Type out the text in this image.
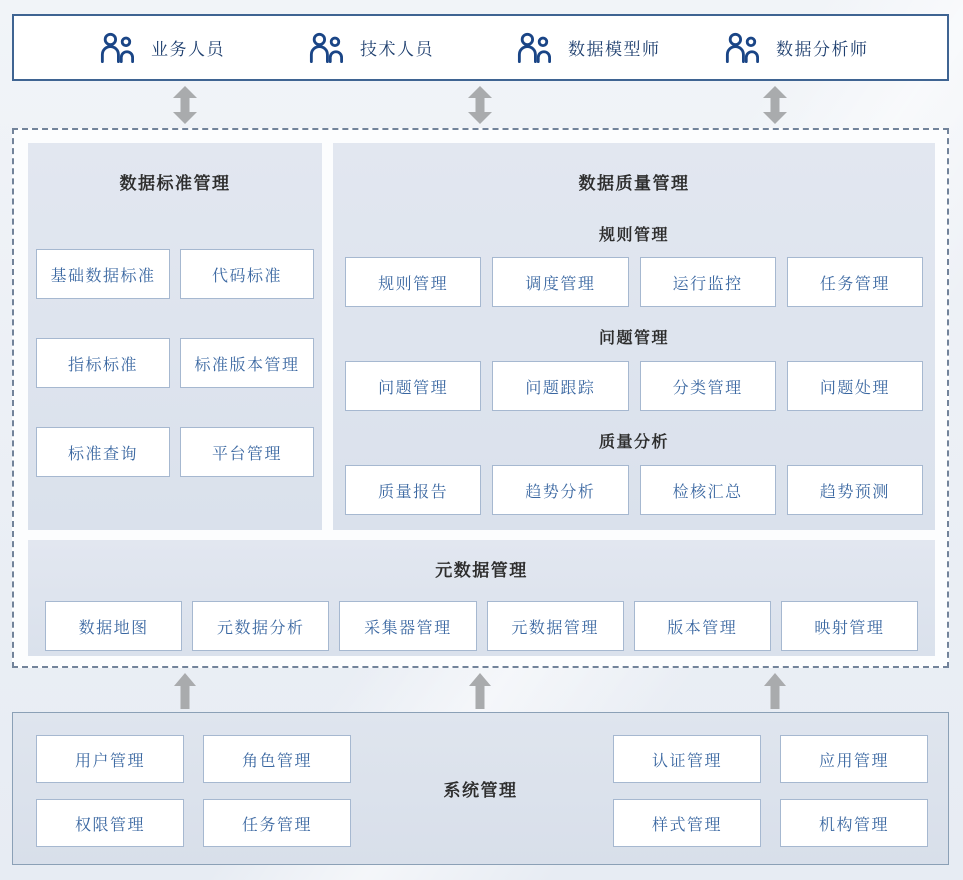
业务人员	技术人员	数据模型师	数据分析师
数据标准管理
基础数据标准	代码标准
指标标准	标准版本管理
标准查询	平台管理
数据质量管理
规则管理
规则管理	调度管理	运行监控	任务管理
问题管理
问题管理	问题跟踪	分类管理	问题处理
质量分析
质量报告	趋势分析	检核汇总	趋势预测
元数据管理
数据地图	元数据分析	采集器管理	元数据管理	版本管理	映射管理
系统管理
用户管理	角色管理
权限管理	任务管理
认证管理	应用管理
样式管理	机构管理
